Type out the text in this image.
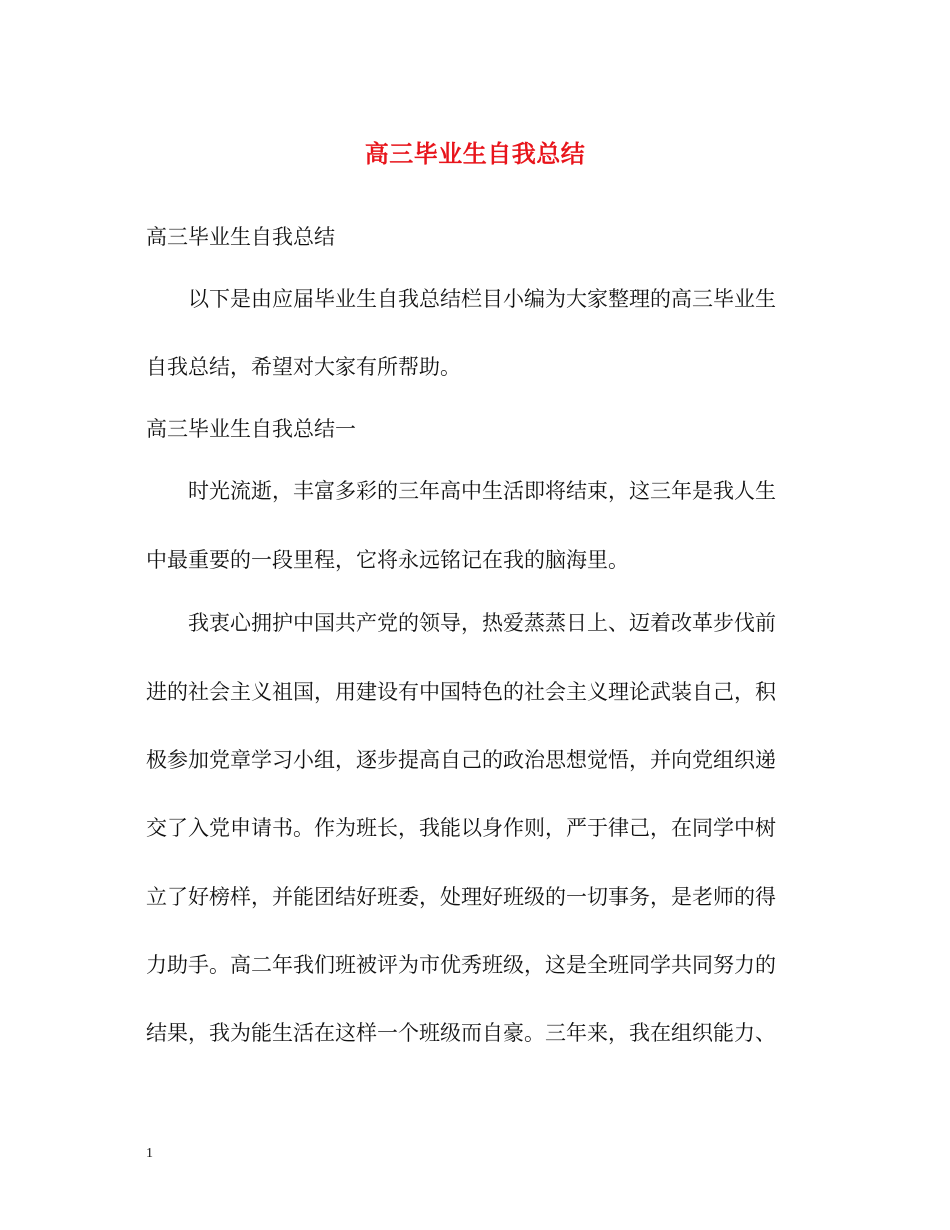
高三毕业生自我总结
高三毕业生自我总结
以下是由应届毕业生自我总结栏目小编为大家整理的高三毕业生
自我总结，希望对大家有所帮助。
高三毕业生自我总结一
时光流逝，丰富多彩的三年高中生活即将结束，这三年是我人生
中最重要的一段里程，它将永远铭记在我的脑海里。
我衷心拥护中国共产党的领导，热爱蒸蒸日上、迈着改革步伐前
进的社会主义祖国，用建设有中国特色的社会主义理论武装自己，积
极参加党章学习小组，逐步提高自己的政治思想觉悟，并向党组织递
交了入党申请书。作为班长，我能以身作则，严于律己，在同学中树
立了好榜样，并能团结好班委，处理好班级的一切事务，是老师的得
力助手。高二年我们班被评为市优秀班级，这是全班同学共同努力的
结果，我为能生活在这样一个班级而自豪。三年来，我在组织能力、
1
